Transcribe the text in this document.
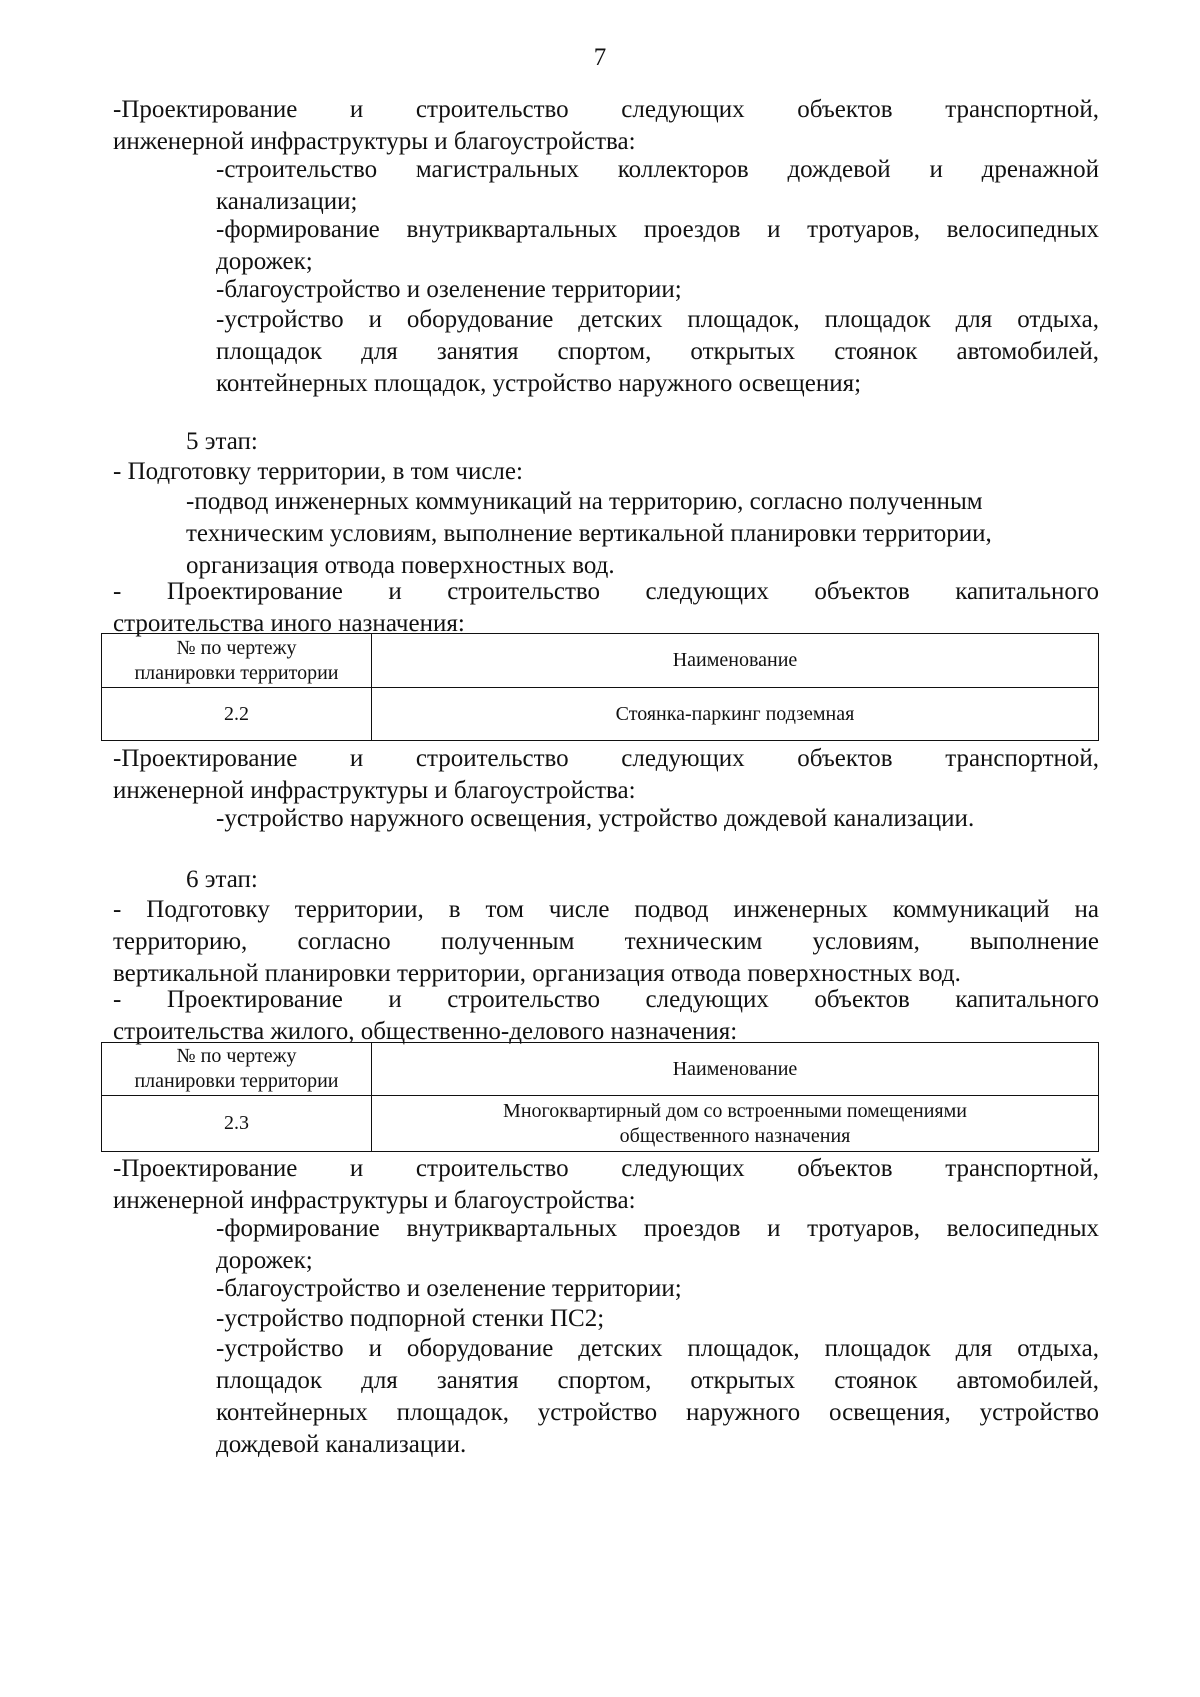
7
-Проектирование и строительство следующих объектов транспортной,
инженерной инфраструктуры и благоустройства:
-строительство магистральных коллекторов дождевой и дренажной
канализации;
-формирование внутриквартальных проездов и тротуаров, велосипедных
дорожек;
-благоустройство и озеленение территории;
-устройство и оборудование детских площадок, площадок для отдыха,
площадок для занятия спортом, открытых стоянок автомобилей,
контейнерных площадок, устройство наружного освещения;
5 этап:
- Подготовку территории, в том числе:
-подвод инженерных коммуникаций на территорию, согласно полученным
техническим условиям, выполнение вертикальной планировки территории,
организация отвода поверхностных вод.
- Проектирование и строительство следующих объектов капитального
строительства иного назначения:
№ по чертежу
планировки территории	Наименование
2.2	Стоянка-паркинг подземная
-Проектирование и строительство следующих объектов транспортной,
инженерной инфраструктуры и благоустройства:
-устройство наружного освещения, устройство дождевой канализации.
6 этап:
- Подготовку территории, в том числе подвод инженерных коммуникаций на
территорию, согласно полученным техническим условиям, выполнение
вертикальной планировки территории, организация отвода поверхностных вод.
- Проектирование и строительство следующих объектов капитального
строительства жилого, общественно-делового назначения:
№ по чертежу
планировки территории	Наименование
2.3	Многоквартирный дом со встроенными помещениями
общественного назначения
-Проектирование и строительство следующих объектов транспортной,
инженерной инфраструктуры и благоустройства:
-формирование внутриквартальных проездов и тротуаров, велосипедных
дорожек;
-благоустройство и озеленение территории;
-устройство подпорной стенки ПС2;
-устройство и оборудование детских площадок, площадок для отдыха,
площадок для занятия спортом, открытых стоянок автомобилей,
контейнерных площадок, устройство наружного освещения, устройство
дождевой канализации.
